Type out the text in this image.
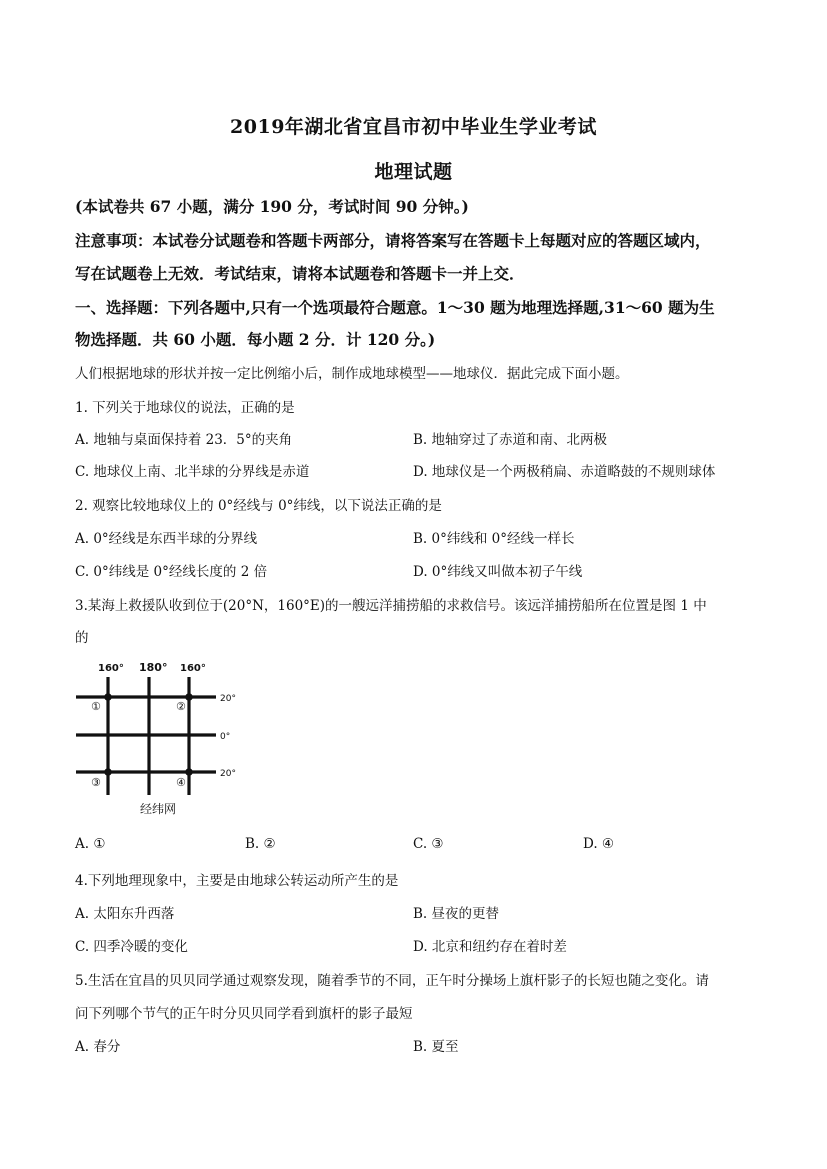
2019年湖北省宜昌市初中毕业生学业考试
地理试题
(本试卷共 67 小题，满分 190 分，考试时间 90 分钟。)
注意事项：本试卷分试题卷和答题卡两部分，请将答案写在答题卡上每题对应的答题区域内，
写在试题卷上无效．考试结束，请将本试题卷和答题卡一并上交．
一、选择题：下列各题中,只有一个选项最符合题意。1～30 题为地理选择题,31～60 题为生
物选择题．共 60 小题．每小题 2 分．计 120 分。)
人们根据地球的形状并按一定比例缩小后，制作成地球模型——地球仪．据此完成下面小题。
1. 下列关于地球仪的说法，正确的是
A. 地轴与桌面保持着 23．5°的夹角	B. 地轴穿过了赤道和南、北两极
C. 地球仪上南、北半球的分界线是赤道	D. 地球仪是一个两极稍扁、赤道略鼓的不规则球体
2. 观察比较地球仪上的 0°经线与 0°纬线，以下说法正确的是
A. 0°经线是东西半球的分界线	B. 0°纬线和 0°经线一样长
C. 0°纬线是 0°经线长度的 2 倍	D. 0°纬线又叫做本初子午线
3.某海上救援队收到位于(20°N，160°E)的一艘远洋捕捞船的求救信号。该远洋捕捞船所在位置是图 1 中
的
160° 180° 160°
20°
0°
20°
①	②
③	④
经纬网
A. ①	B. ②	C. ③	D. ④
4.下列地理现象中，主要是由地球公转运动所产生的是
A. 太阳东升西落	B. 昼夜的更替
C. 四季冷暖的变化	D. 北京和纽约存在着时差
5.生活在宜昌的贝贝同学通过观察发现，随着季节的不同，正午时分操场上旗杆影子的长短也随之变化。请
问下列哪个节气的正午时分贝贝同学看到旗杆的影子最短
A. 春分	B. 夏至
